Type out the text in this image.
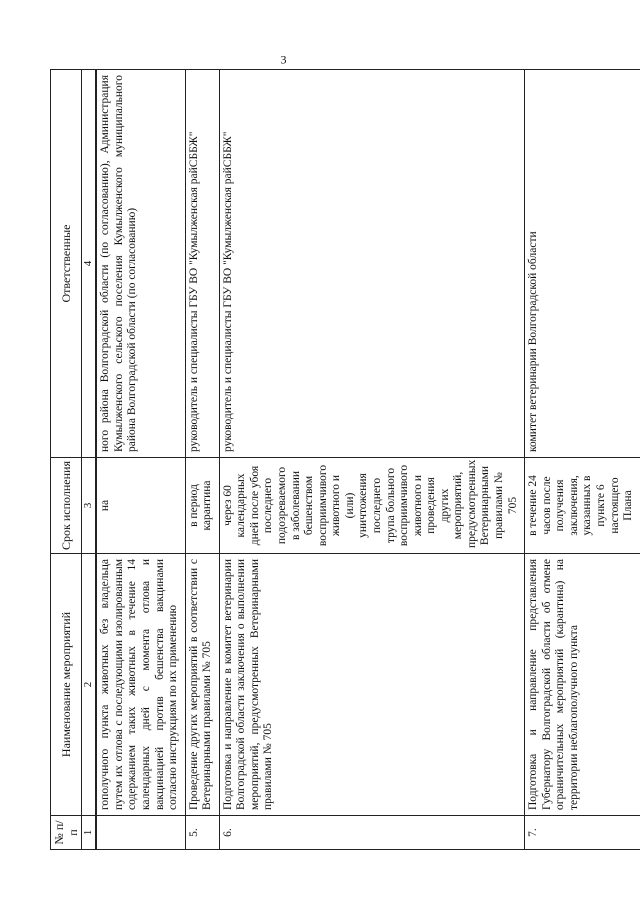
3
№ п/п	Наименование мероприятий	Срок исполнения	Ответственные
1	2	3	4
	гополучного пункта животных без владельца путем их отлова с последующими изолированным содержанием таких животных в течение 14 календарных дней с момента отлова и вакцинацией против бешенства вакцинами согласно инструкциям по их применению	на	ного района Волгоградской области (по согласованию), Администрация Кумылженского сельского поселения Кумылженского муниципального района Волгоградской области (по согласованию)
5.	Проведение других мероприятий в соответствии с Ветеринарными правилами № 705	в период карантина	руководитель и специалисты ГБУ ВО "Кумылженская райСББЖ"
6.	Подготовка и направление в комитет ветеринарии Волгоградской области заключения о выполнении мероприятий, предусмотренных Ветеринарными правилами № 705	через 60 календарных дней после убоя последнего подозреваемого в заболевании бешенством восприимчивого животного и (или) уничтожения последнего трупа больного восприимчивого животного и проведения других мероприятий, предусмотренных Ветеринарными правилами № 705	руководитель и специалисты ГБУ ВО "Кумылженская райСББЖ"
7.	Подготовка и направление представления Губернатору Волгоградской области об отмене ограничительных мероприятий (карантина) на территории неблагополучного пункта	в течение 24 часов после получения заключения, указанных в пункте 6 настоящего Плана	комитет ветеринарии Волгоградской области
